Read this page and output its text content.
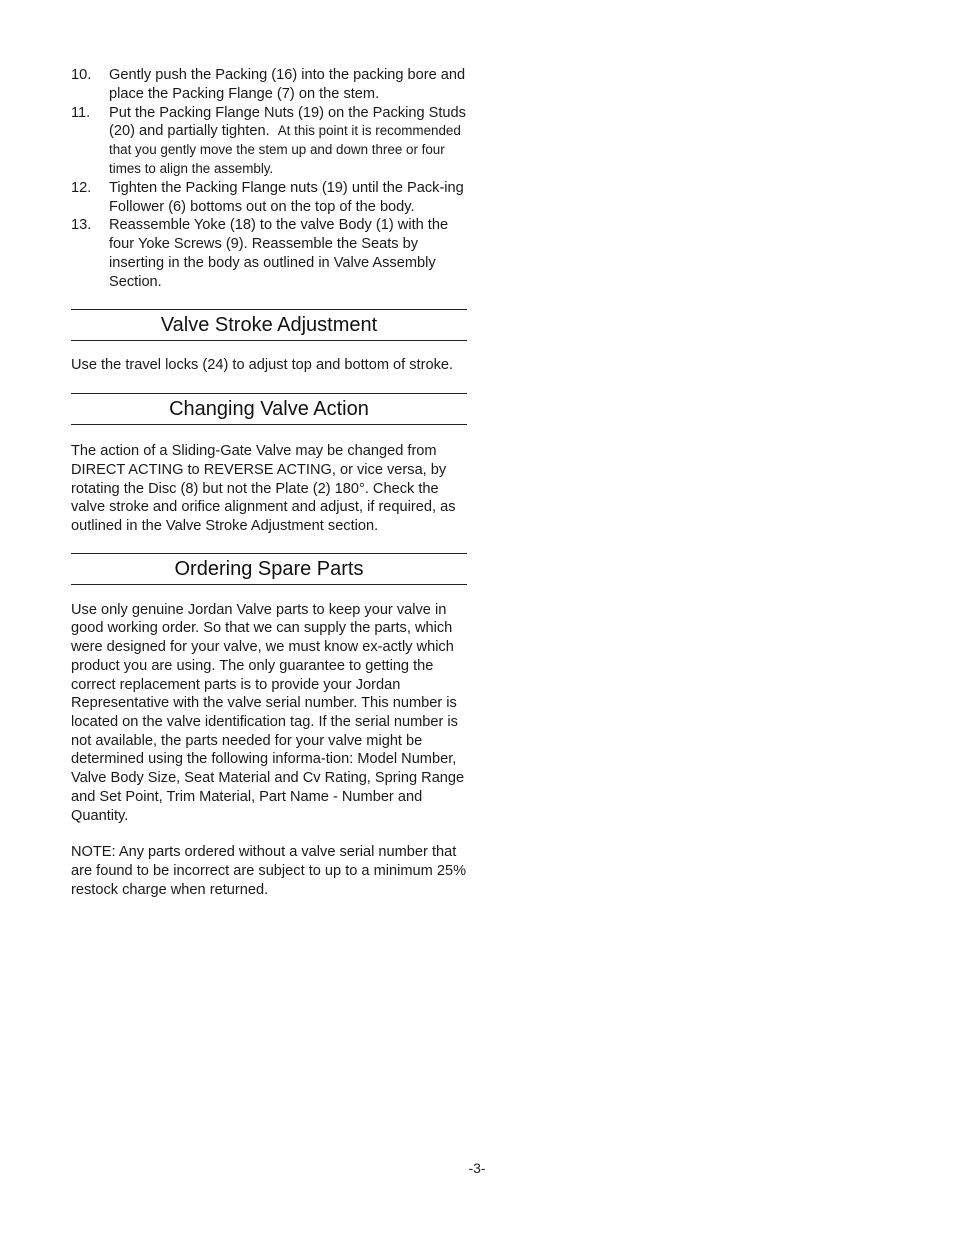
10.	Gently push the Packing (16) into the packing bore and place the Packing Flange (7) on the stem.
11.	Put the Packing Flange Nuts (19) on the Packing Studs (20) and partially tighten. At this point it is recommended that you gently move the stem up and down three or four times to align the assembly.
12.	Tighten the Packing Flange nuts (19) until the Pack-ing Follower (6) bottoms out on the top of the body.
13.	Reassemble Yoke (18) to the valve Body (1) with the four Yoke Screws (9). Reassemble the Seats by inserting in the body as outlined in Valve Assembly Section.
Valve Stroke Adjustment

Use the travel locks (24) to adjust top and bottom of stroke.

Changing Valve Action

The action of a Sliding-Gate Valve may be changed from DIRECT ACTING to REVERSE ACTING, or vice versa, by rotating the Disc (8) but not the Plate (2) 180°. Check the valve stroke and orifice alignment and adjust, if required, as outlined in the Valve Stroke Adjustment section.

Ordering Spare Parts

Use only genuine Jordan Valve parts to keep your valve in good working order. So that we can supply the parts, which were designed for your valve, we must know ex-actly which product you are using. The only guarantee to getting the correct replacement parts is to provide your Jordan Representative with the valve serial number. This number is located on the valve identification tag. If the serial number is not available, the parts needed for your valve might be determined using the following informa-tion: Model Number, Valve Body Size, Seat Material and Cv Rating, Spring Range and Set Point, Trim Material, Part Name - Number and Quantity.

NOTE: Any parts ordered without a valve serial number that are found to be incorrect are subject to up to a minimum 25% restock charge when returned.

-3-
